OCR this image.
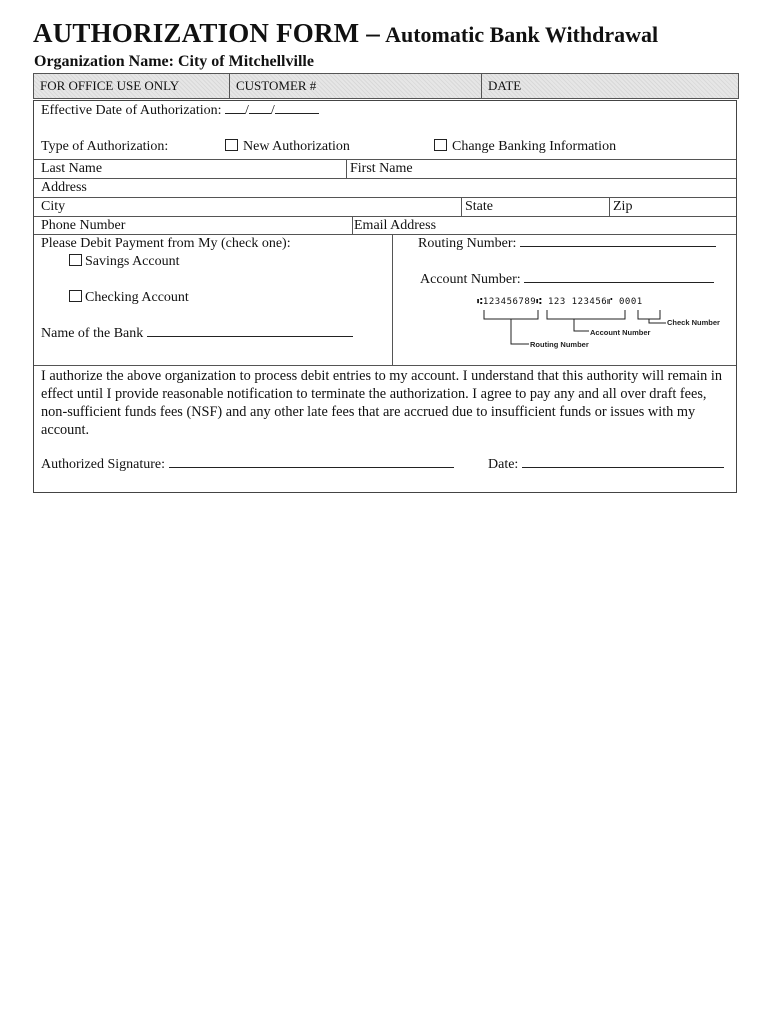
AUTHORIZATION FORM – Automatic Bank Withdrawal
Organization Name: City of Mitchellville
FOR OFFICE USE ONLY	CUSTOMER #	DATE
Effective Date of Authorization: / /
Type of Authorization:	New Authorization	Change Banking Information
Last Name	First Name
Address
City	State	Zip
Phone Number	Email Address
Please Debit Payment from My (check one):
Savings Account
Checking Account
Name of the Bank
Routing Number:
Account Number:
⑆123456789⑆ 123 123456⑈ 0001
Check Number
Account Number
Routing Number
I authorize the above organization to process debit entries to my account. I understand that this authority will remain in effect until I provide reasonable notification to terminate the authorization. I agree to pay any and all over draft fees, non-sufficient funds fees (NSF) and any other late fees that are accrued due to insufficient funds or issues with my account.
Authorized Signature:	Date:
